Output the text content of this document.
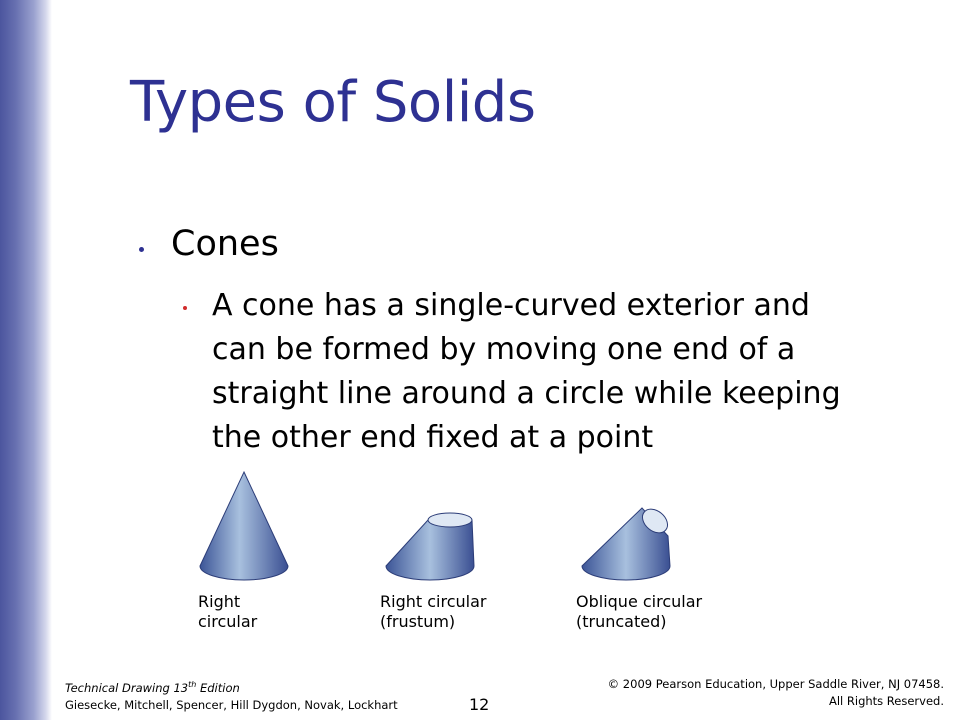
Types of Solids
Cones
A cone has a single-curved exterior and
can be formed by moving one end of a
straight line around a circle while keeping
the other end fixed at a point
Right
circular
Right circular
(frustum)
Oblique circular
(truncated)
Technical Drawing 13th Edition
Giesecke, Mitchell, Spencer, Hill Dygdon, Novak, Lockhart	12
© 2009 Pearson Education, Upper Saddle River, NJ 07458.
All Rights Reserved.
